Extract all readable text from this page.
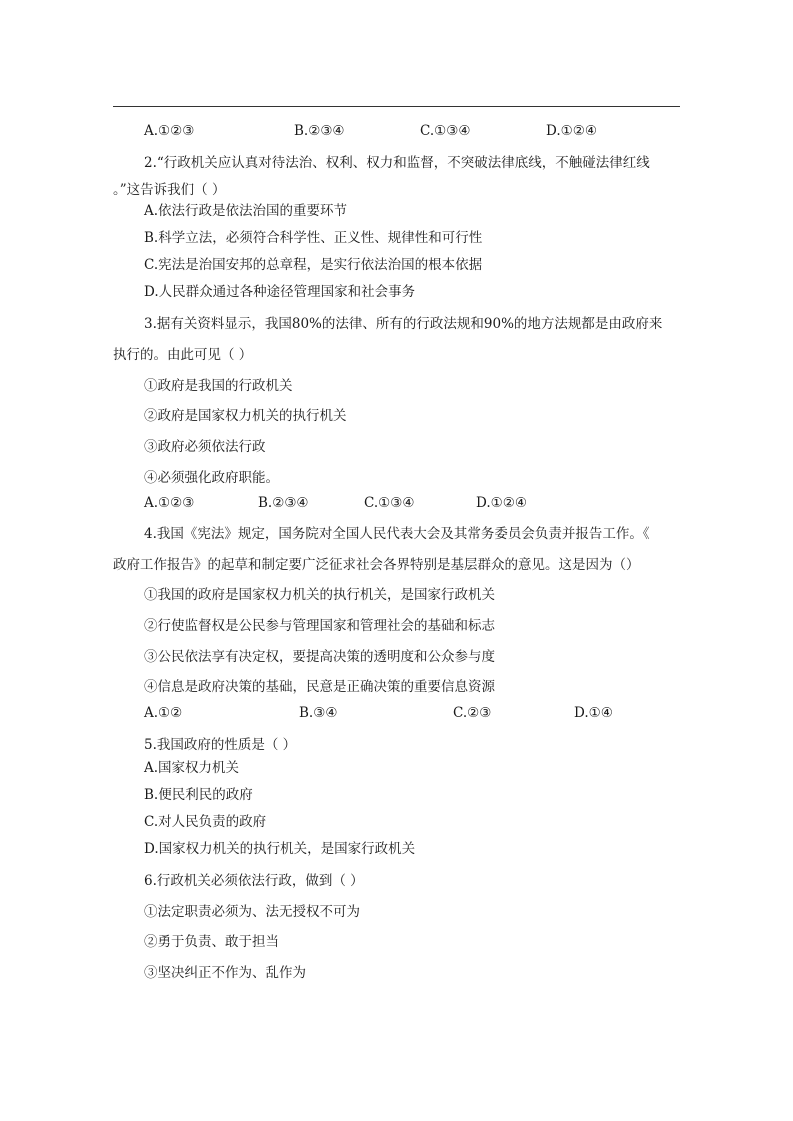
A.①②③	B.②③④	C.①③④	D.①②④
2.“行政机关应认真对待法治、权利、权力和监督，不突破法律底线，不触碰法律红线
。”这告诉我们（ ）
A.依法行政是依法治国的重要环节
B.科学立法，必须符合科学性、正义性、规律性和可行性
C.宪法是治国安邦的总章程，是实行依法治国的根本依据
D.人民群众通过各种途径管理国家和社会事务
3.据有关资料显示，我国80%的法律、所有的行政法规和90%的地方法规都是由政府来
执行的。由此可见（ ）
①政府是我国的行政机关
②政府是国家权力机关的执行机关
③政府必须依法行政
④必须强化政府职能。
A.①②③	B.②③④	C.①③④	D.①②④
4.我国《宪法》规定，国务院对全国人民代表大会及其常务委员会负责并报告工作。《
政府工作报告》的起草和制定要广泛征求社会各界特别是基层群众的意见。这是因为（）
①我国的政府是国家权力机关的执行机关，是国家行政机关
②行使监督权是公民参与管理国家和管理社会的基础和标志
③公民依法享有决定权，要提高决策的透明度和公众参与度
④信息是政府决策的基础，民意是正确决策的重要信息资源
A.①②	B.③④	C.②③	D.①④
5.我国政府的性质是（ ）
A.国家权力机关
B.便民利民的政府
C.对人民负责的政府
D.国家权力机关的执行机关，是国家行政机关
6.行政机关必须依法行政，做到（ ）
①法定职责必须为、法无授权不可为
②勇于负责、敢于担当
③坚决纠正不作为、乱作为
